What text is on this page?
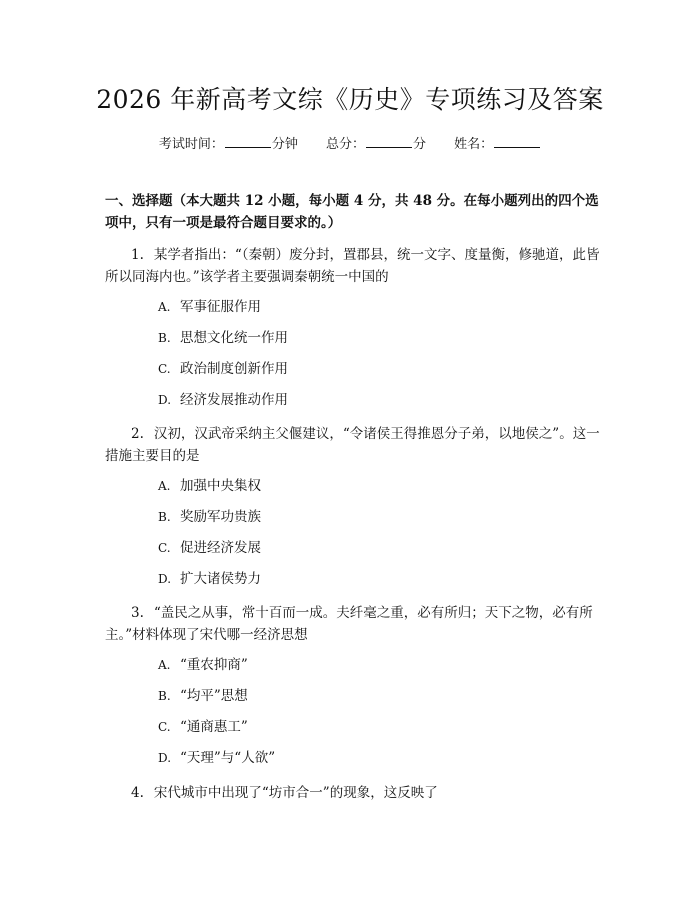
2026 年新高考文综《历史》专项练习及答案
考试时间：	分钟 总分：	分 姓名：
一、选择题（本大题共 12 小题，每小题 4 分，共 48 分。在每小题列出的四个选项中，只有一项是最符合题目要求的。）
1. 某学者指出：“（秦朝）废分封，置郡县，统一文字、度量衡，修驰道，此皆所以同海内也。”该学者主要强调秦朝统一中国的
A. 军事征服作用
B. 思想文化统一作用
C. 政治制度创新作用
D. 经济发展推动作用
2. 汉初，汉武帝采纳主父偃建议，“令诸侯王得推恩分子弟，以地侯之”。这一措施主要目的是
A. 加强中央集权
B. 奖励军功贵族
C. 促进经济发展
D. 扩大诸侯势力
3. “盖民之从事，常十百而一成。夫纤毫之重，必有所归；天下之物，必有所主。”材料体现了宋代哪一经济思想
A. “重农抑商”
B. “均平”思想
C. “通商惠工”
D. “天理”与“人欲”
4. 宋代城市中出现了“坊市合一”的现象，这反映了
